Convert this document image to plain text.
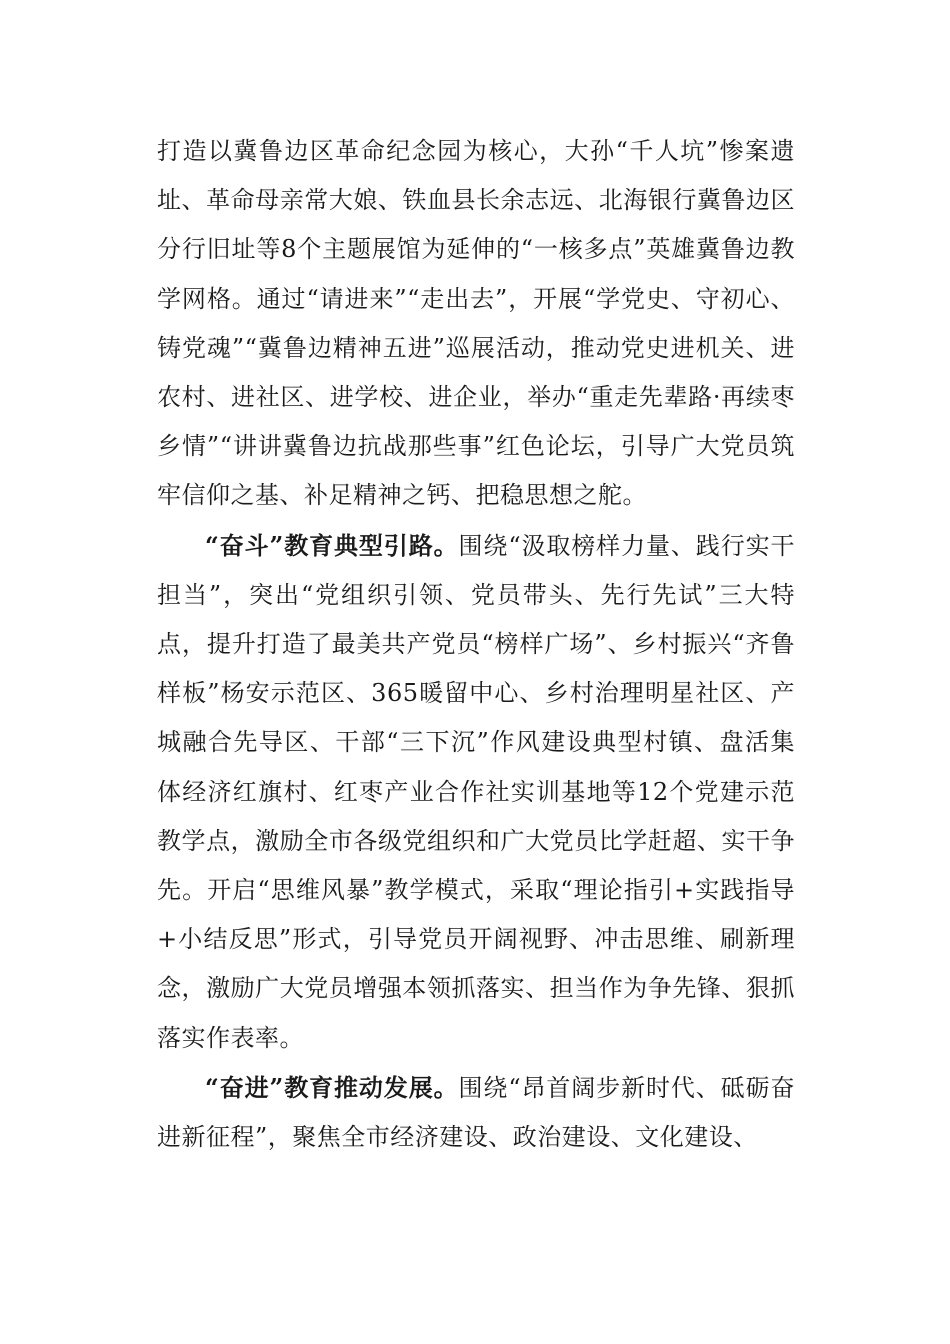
打造以冀鲁边区革命纪念园为核心，大孙“千人坑”惨案遗址、革命母亲常大娘、铁血县长余志远、北海银行冀鲁边区分行旧址等8个主题展馆为延伸的“一核多点”英雄冀鲁边教学网格。通过“请进来”“走出去”，开展“学党史、守初心、铸党魂”“冀鲁边精神五进”巡展活动，推动党史进机关、进农村、进社区、进学校、进企业，举办“重走先辈路·再续枣乡情”“讲讲冀鲁边抗战那些事”红色论坛，引导广大党员筑牢信仰之基、补足精神之钙、把稳思想之舵。

“奋斗”教育典型引路。围绕“汲取榜样力量、践行实干担当”，突出“党组织引领、党员带头、先行先试”三大特点，提升打造了最美共产党员“榜样广场”、乡村振兴“齐鲁样板”杨安示范区、365暖留中心、乡村治理明星社区、产城融合先导区、干部“三下沉”作风建设典型村镇、盘活集体经济红旗村、红枣产业合作社实训基地等12个党建示范教学点，激励全市各级党组织和广大党员比学赶超、实干争先。开启“思维风暴”教学模式，采取“理论指引+实践指导+小结反思”形式，引导党员开阔视野、冲击思维、刷新理念，激励广大党员增强本领抓落实、担当作为争先锋、狠抓落实作表率。

“奋进”教育推动发展。围绕“昂首阔步新时代、砥砺奋进新征程”，聚焦全市经济建设、政治建设、文化建设、
